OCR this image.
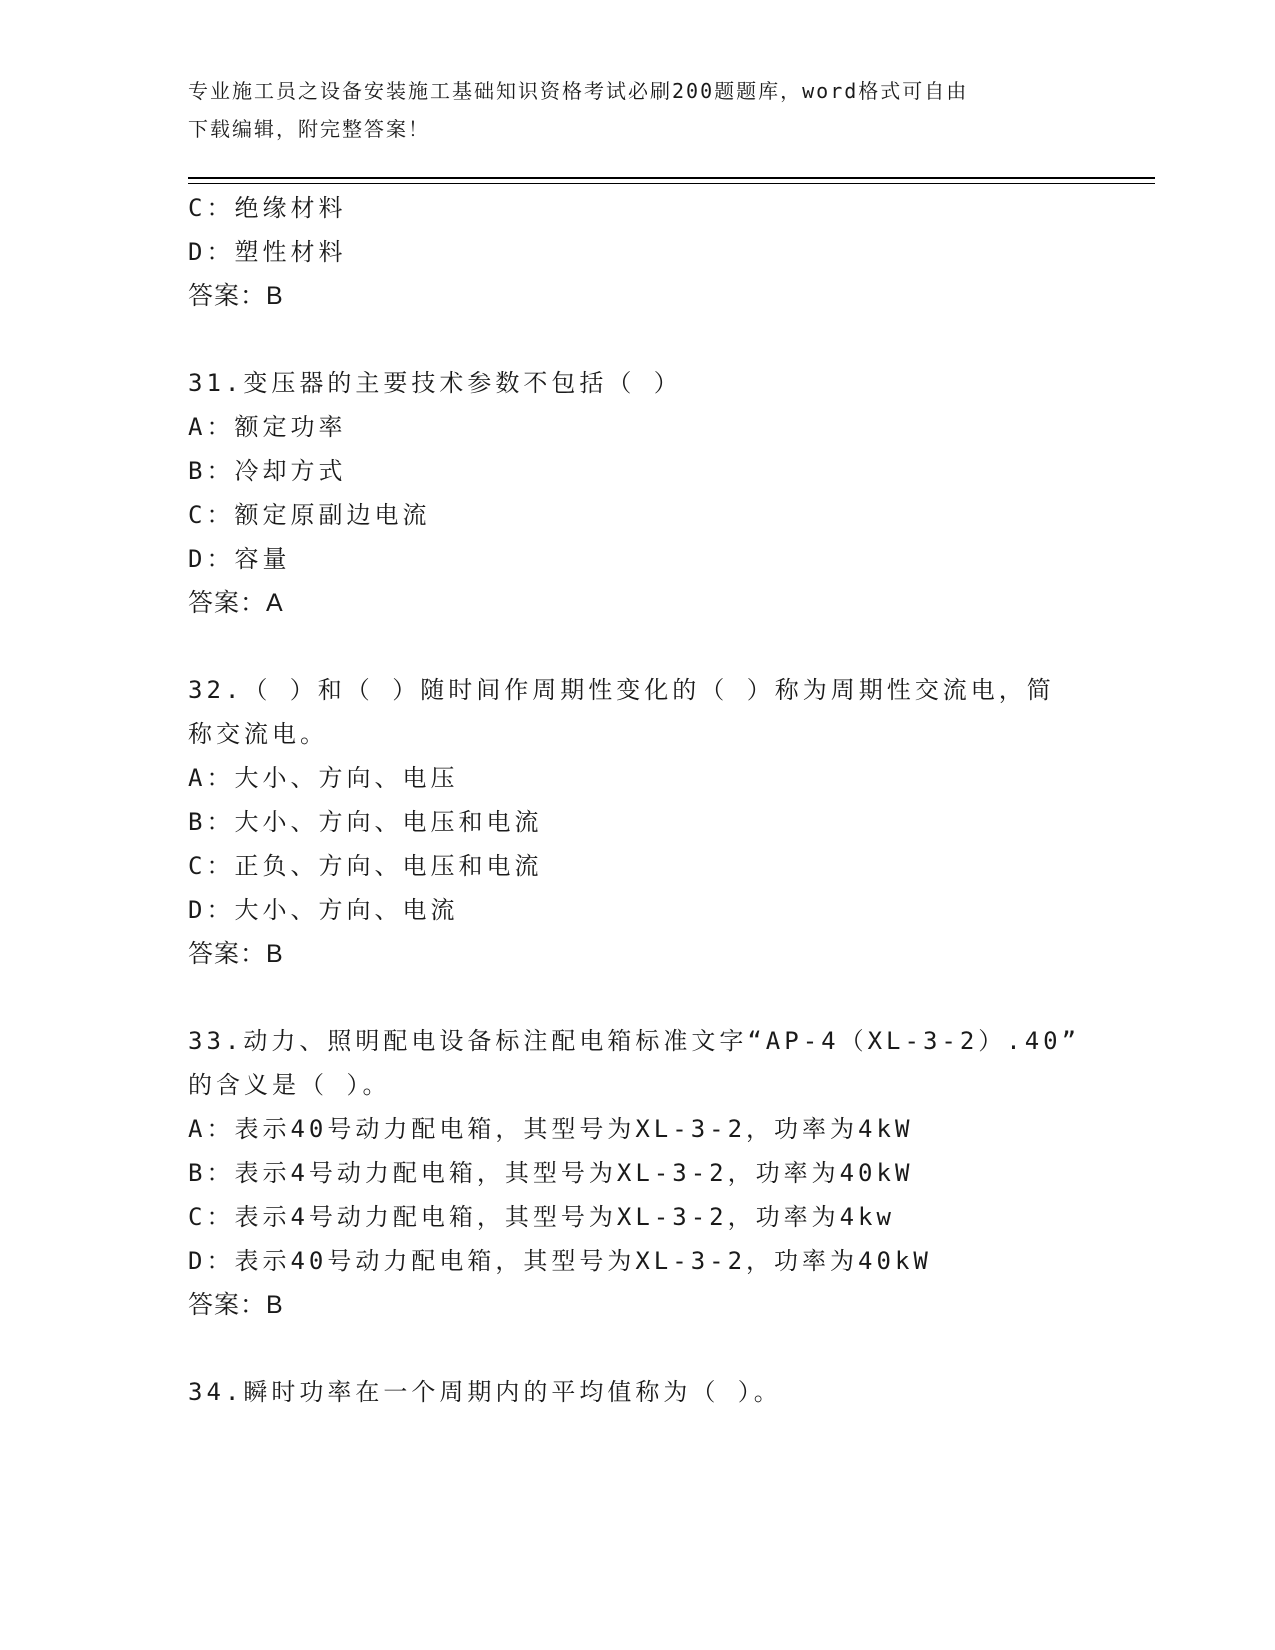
专业施工员之设备安装施工基础知识资格考试必刷200题题库，word格式可自由
下载编辑，附完整答案！
C：绝缘材料
D：塑性材料
答案：B
31.变压器的主要技术参数不包括（ ）
A：额定功率
B：冷却方式
C：额定原副边电流
D：容量
答案：A
32.（ ）和（ ）随时间作周期性变化的（ ）称为周期性交流电，简
称交流电。
A：大小、方向、电压
B：大小、方向、电压和电流
C：正负、方向、电压和电流
D：大小、方向、电流
答案：B
33.动力、照明配电设备标注配电箱标准文字“AP-4（XL-3-2）.40”
的含义是（ ）。
A：表示40号动力配电箱，其型号为XL-3-2，功率为4kW
B：表示4号动力配电箱，其型号为XL-3-2，功率为40kW
C：表示4号动力配电箱，其型号为XL-3-2，功率为4kw
D：表示40号动力配电箱，其型号为XL-3-2，功率为40kW
答案：B
34.瞬时功率在一个周期内的平均值称为（ ）。
